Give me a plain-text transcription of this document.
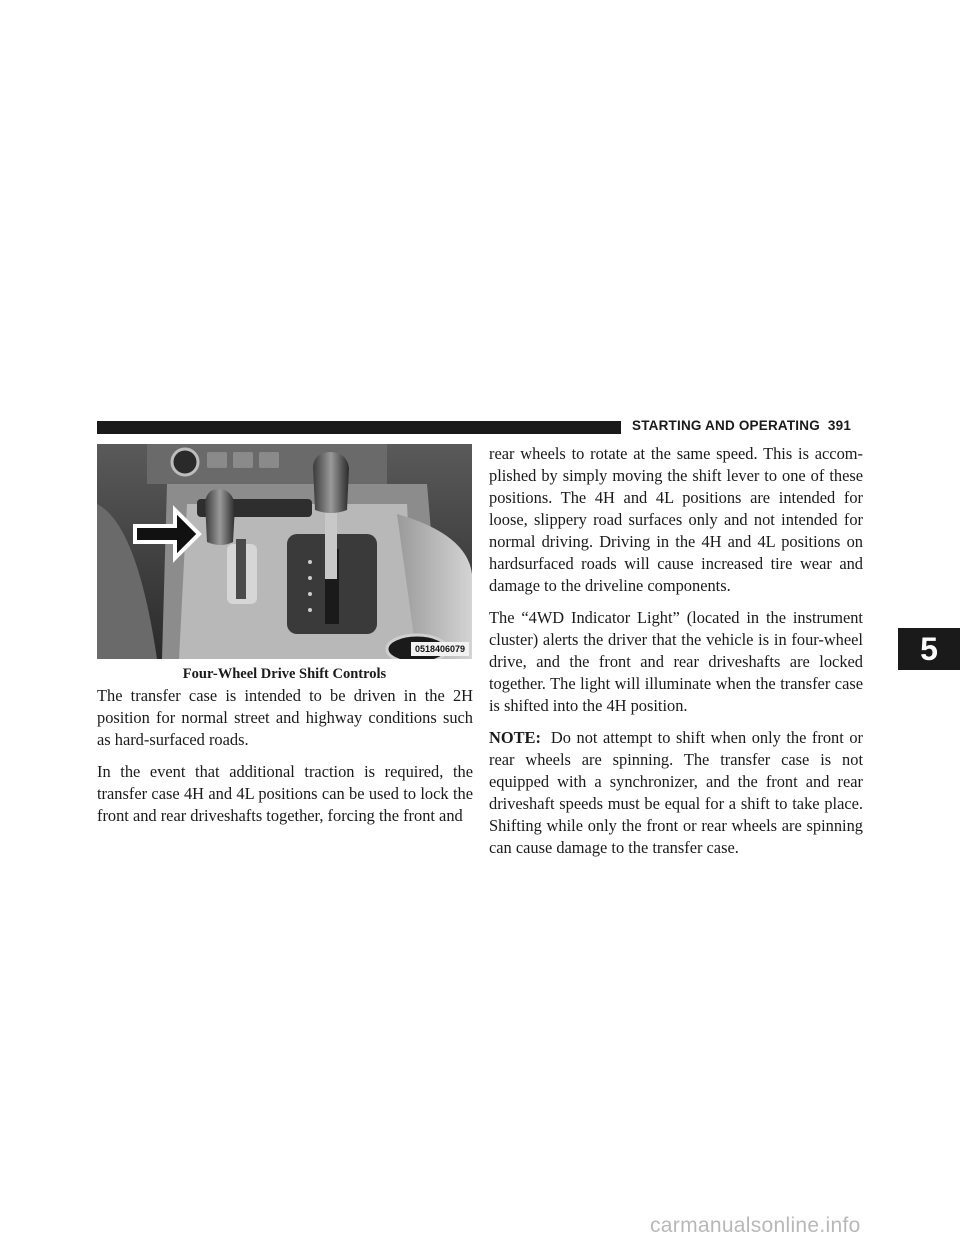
STARTING AND OPERATING 391
0518406079
Four-Wheel Drive Shift Controls

The transfer case is intended to be driven in the 2H position for normal street and highway conditions such as hard-surfaced roads.

In the event that additional traction is required, the transfer case 4H and 4L positions can be used to lock the front and rear driveshafts together, forcing the front and

rear wheels to rotate at the same speed. This is accomplished by simply moving the shift lever to one of these positions. The 4H and 4L positions are intended for loose, slippery road surfaces only and not intended for normal driving. Driving in the 4H and 4L positions on hardsurfaced roads will cause increased tire wear and damage to the driveline components.

The “4WD Indicator Light” (located in the instrument cluster) alerts the driver that the vehicle is in four-wheel drive, and the front and rear driveshafts are locked together. The light will illuminate when the transfer case is shifted into the 4H position.

NOTE: Do not attempt to shift when only the front or rear wheels are spinning. The transfer case is not equipped with a synchronizer, and the front and rear driveshaft speeds must be equal for a shift to take place. Shifting while only the front or rear wheels are spinning can cause damage to the transfer case.

5
carmanualsonline.info
